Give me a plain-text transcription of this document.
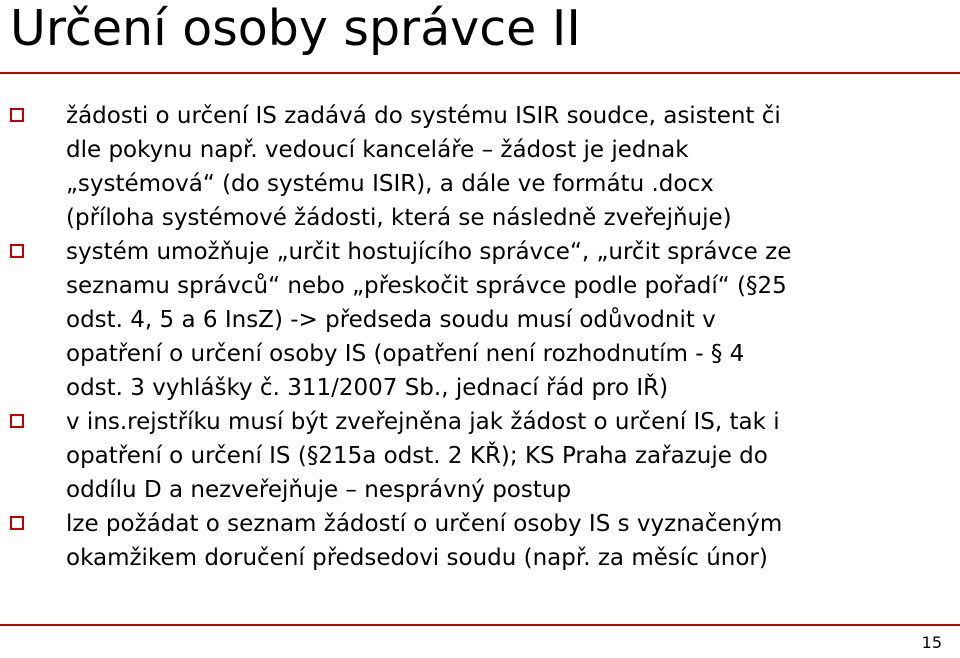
Určení osoby správce II
žádosti o určení IS zadává do systému ISIR soudce, asistent či
dle pokynu např. vedoucí kanceláře – žádost je jednak
„systémová“ (do systému ISIR), a dále ve formátu .docx
(příloha systémové žádosti, která se následně zveřejňuje)
systém umožňuje „určit hostujícího správce“, „určit správce ze
seznamu správců“ nebo „přeskočit správce podle pořadí“ (§25
odst. 4, 5 a 6 InsZ) -> předseda soudu musí odůvodnit v
opatření o určení osoby IS (opatření není rozhodnutím - § 4
odst. 3 vyhlášky č. 311/2007 Sb., jednací řád pro IŘ)
v ins.rejstříku musí být zveřejněna jak žádost o určení IS, tak i
opatření o určení IS (§215a odst. 2 KŘ); KS Praha zařazuje do
oddílu D a nezveřejňuje – nesprávný postup
lze požádat o seznam žádostí o určení osoby IS s vyznačeným
okamžikem doručení předsedovi soudu (např. za měsíc únor)
15
